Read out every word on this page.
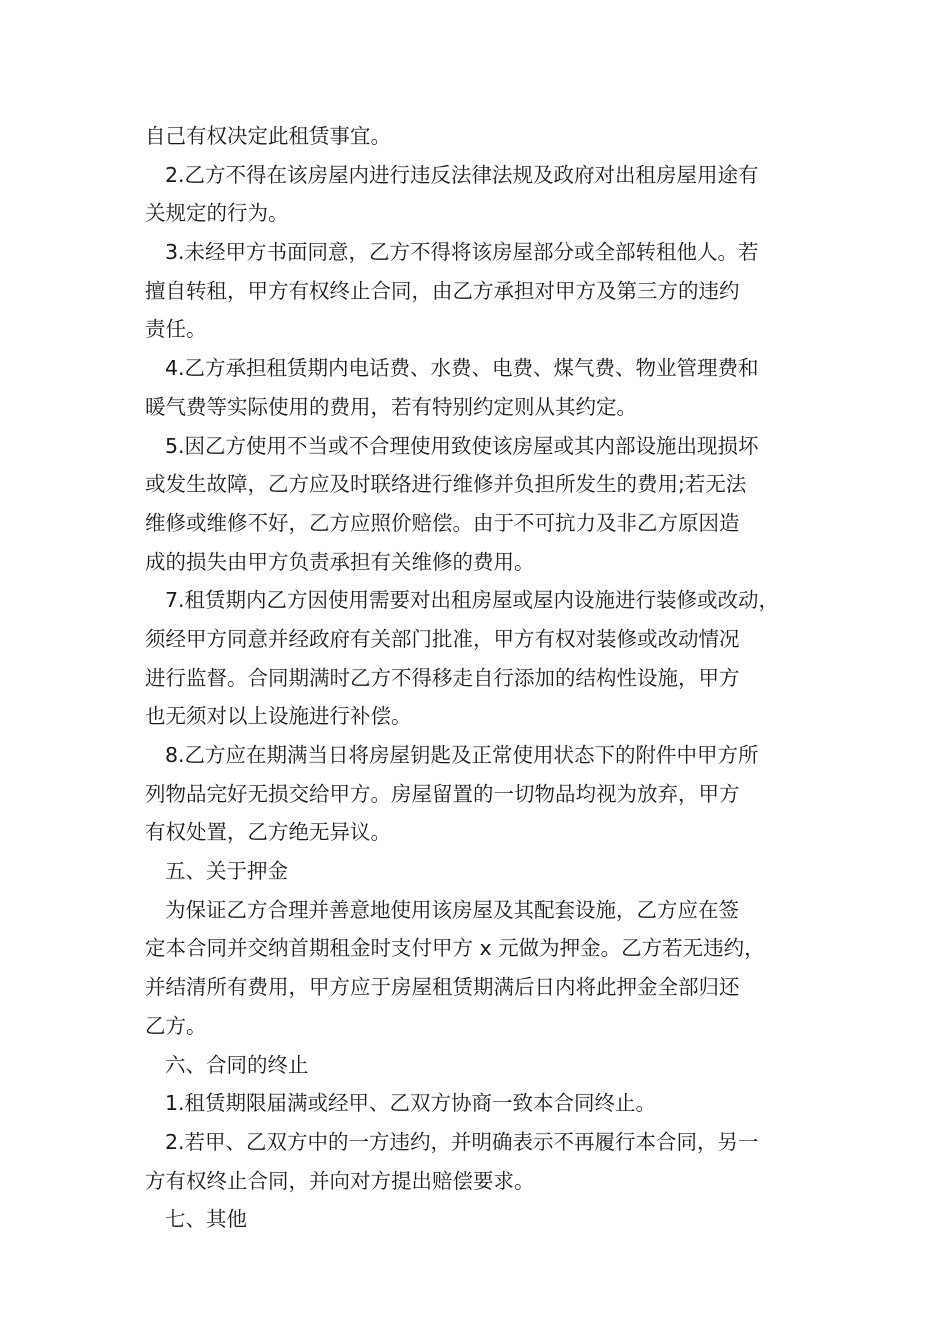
自己有权决定此租赁事宜。
2.乙方不得在该房屋内进行违反法律法规及政府对出租房屋用途有
关规定的行为。
3.未经甲方书面同意，乙方不得将该房屋部分或全部转租他人。若
擅自转租，甲方有权终止合同，由乙方承担对甲方及第三方的违约
责任。
4.乙方承担租赁期内电话费、水费、电费、煤气费、物业管理费和
暖气费等实际使用的费用，若有特别约定则从其约定。
5.因乙方使用不当或不合理使用致使该房屋或其内部设施出现损坏
或发生故障，乙方应及时联络进行维修并负担所发生的费用;若无法
维修或维修不好，乙方应照价赔偿。由于不可抗力及非乙方原因造
成的损失由甲方负责承担有关维修的费用。
7.租赁期内乙方因使用需要对出租房屋或屋内设施进行装修或改动，
须经甲方同意并经政府有关部门批准，甲方有权对装修或改动情况
进行监督。合同期满时乙方不得移走自行添加的结构性设施，甲方
也无须对以上设施进行补偿。
8.乙方应在期满当日将房屋钥匙及正常使用状态下的附件中甲方所
列物品完好无损交给甲方。房屋留置的一切物品均视为放弃，甲方
有权处置，乙方绝无异议。
五、关于押金
为保证乙方合理并善意地使用该房屋及其配套设施，乙方应在签
定本合同并交纳首期租金时支付甲方 x 元做为押金。乙方若无违约，
并结清所有费用，甲方应于房屋租赁期满后日内将此押金全部归还
乙方。
六、合同的终止
1.租赁期限届满或经甲、乙双方协商一致本合同终止。
2.若甲、乙双方中的一方违约，并明确表示不再履行本合同，另一
方有权终止合同，并向对方提出赔偿要求。
七、其他
